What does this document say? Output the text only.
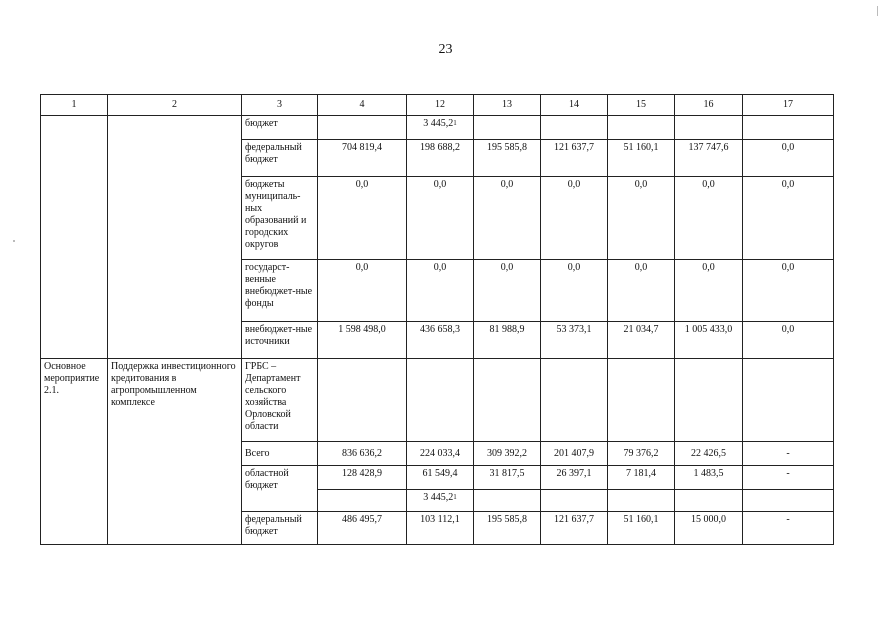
23
1	2	3	4	12	13	14	15	16	17
		бюджет		3 445,2$^1$					
		федеральный бюджет	704 819,4	198 688,2	195 585,8	121 637,7	51 160,1	137 747,6	0,0
		бюджеты муниципаль-ных образований и городских округов	0,0	0,0	0,0	0,0	0,0	0,0	0,0
		государст-венные внебюджет-ные фонды	0,0	0,0	0,0	0,0	0,0	0,0	0,0
		внебюджет-ные источники	1 598 498,0	436 658,3	81 988,9	53 373,1	21 034,7	1 005 433,0	0,0
Основное мероприятие 2.1.	Поддержка инвестиционного кредитования в агропромышленном комплексе	ГРБС – Департамент сельского хозяйства Орловской области							
		Всего	836 636,2	224 033,4	309 392,2	201 407,9	79 376,2	22 426,5	-
		областной бюджет	128 428,9	61 549,4	31 817,5	26 397,1	7 181,4	1 483,5	-
				3 445,2$^1$					
		федеральный бюджет	486 495,7	103 112,1	195 585,8	121 637,7	51 160,1	15 000,0	-
